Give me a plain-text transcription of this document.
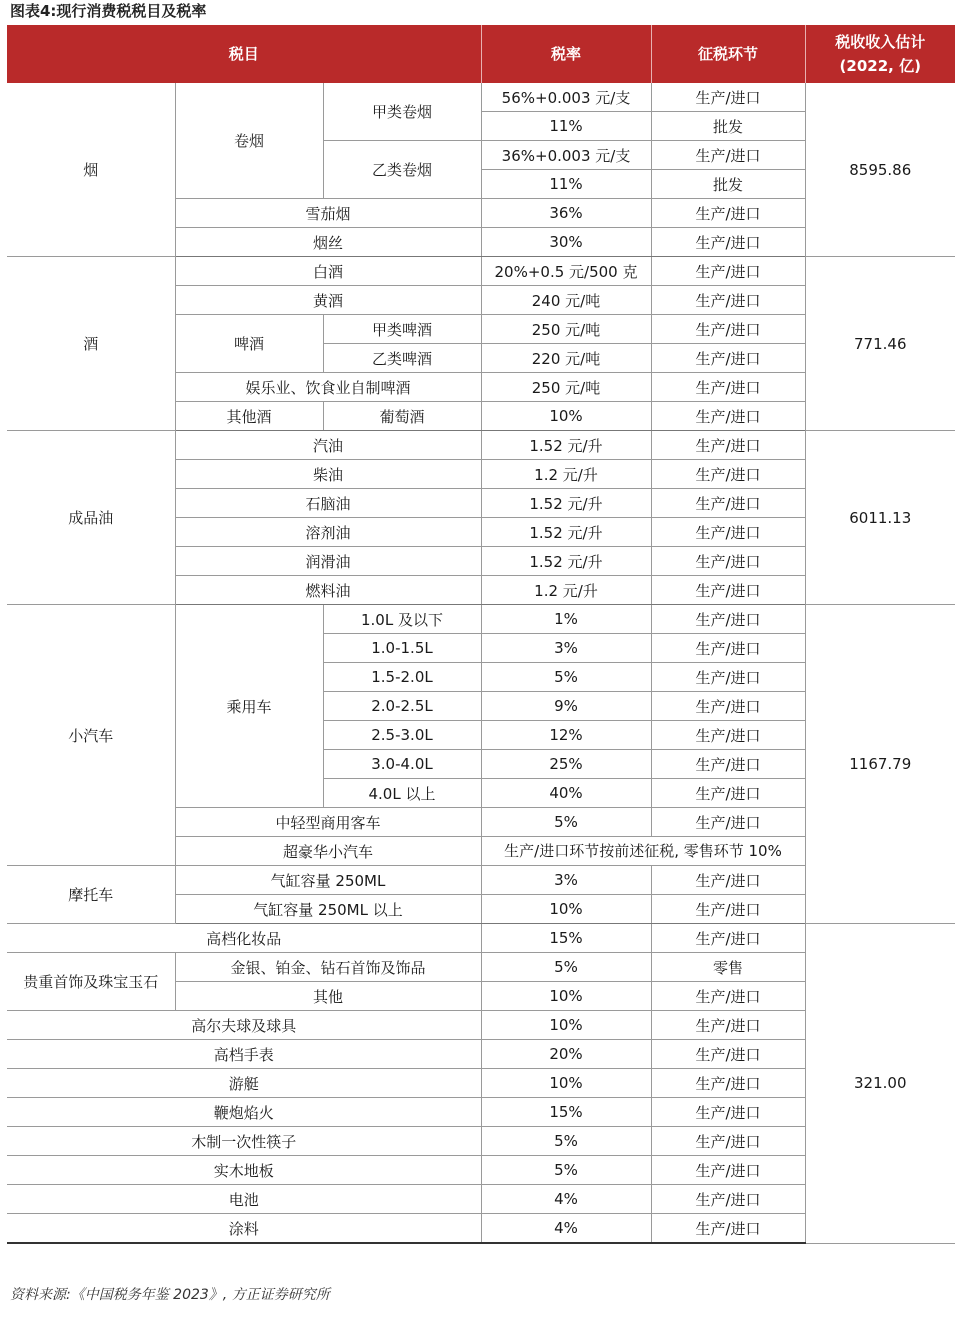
图表4:现行消费税税目及税率
税目			税率	征税环节	税收收入估计
(2022, 亿)

烟	卷烟	甲类卷烟	56%+0.003 元/支	生产/进口	8595.86
			11%	批发	
		乙类卷烟	36%+0.003 元/支	生产/进口	
			11%	批发	
	雪茄烟		36%	生产/进口	
	烟丝		30%	生产/进口	
酒	白酒		20%+0.5 元/500 克	生产/进口	771.46
	黄酒		240 元/吨	生产/进口	
	啤酒	甲类啤酒	250 元/吨	生产/进口	
		乙类啤酒	220 元/吨	生产/进口	
	娱乐业、饮食业自制啤酒		250 元/吨	生产/进口	
	其他酒	葡萄酒	10%	生产/进口	
成品油	汽油		1.52 元/升	生产/进口	6011.13
	柴油		1.2 元/升	生产/进口	
	石脑油		1.52 元/升	生产/进口	
	溶剂油		1.52 元/升	生产/进口	
	润滑油		1.52 元/升	生产/进口	
	燃料油		1.2 元/升	生产/进口	
小汽车	乘用车	1.0L 及以下	1%	生产/进口	1167.79
		1.0-1.5L	3%	生产/进口	
		1.5-2.0L	5%	生产/进口	
		2.0-2.5L	9%	生产/进口	
		2.5-3.0L	12%	生产/进口	
		3.0-4.0L	25%	生产/进口	
		4.0L 以上	40%	生产/进口	
	中轻型商用客车		5%	生产/进口	
	超豪华小汽车		生产/进口环节按前述征税, 零售环节 10%		

摩托车	气缸容量 250ML		3%	生产/进口	
	气缸容量 250ML 以上		10%	生产/进口	
高档化妆品			15%	生产/进口	321.00
贵重首饰及珠宝玉石	金银、铂金、钻石首饰及饰品		5%	零售	
	其他		10%	生产/进口	
高尔夫球及球具			10%	生产/进口	
高档手表			20%	生产/进口	
游艇			10%	生产/进口	
鞭炮焰火			15%	生产/进口	
木制一次性筷子			5%	生产/进口	
实木地板			5%	生产/进口	
电池			4%	生产/进口	
涂料			4%	生产/进口	
资料来源:《中国税务年鉴 2023》, 方正证券研究所
